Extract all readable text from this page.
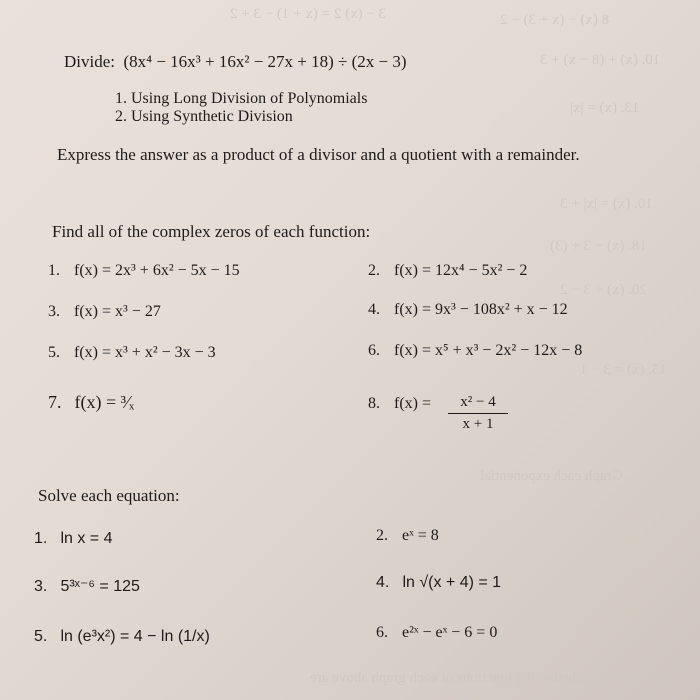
3 − (x) 2 = (x + 1) − 3 + 2	8 (x) − (x + 3) − 2
10. (x) + (8 − x) + 3
13. (x) = |x|
10. (x) = |x| + 3
18. (x) − 3 + (3)
20. (x) + 3 − 2
15. (x) = 3 − 1
Graph each exponential
Determine whether the functions of each graph above are
Divide: (8x⁴ − 16x³ + 16x² − 27x + 18) ÷ (2x − 3)
1. Using Long Division of Polynomials
2. Using Synthetic Division
Express the answer as a product of a divisor and a quotient with a remainder.
Find all of the complex zeros of each function:
1. f(x) = 2x³ + 6x² − 5x − 15	2. f(x) = 12x⁴ − 5x² − 2
3. f(x) = x³ − 27	4. f(x) = 9x³ − 108x² + x − 12
5. f(x) = x³ + x² − 3x − 3	6. f(x) = x⁵ + x³ − 2x² − 12x − 8
7. f(x) = ³⁄ₓ	8. f(x) =	x² − 4
x + 1
Solve each equation:
1. ln x = 4	2. eˣ = 8
3. 5³ˣ⁻⁶ = 125	4. ln √(x + 4) = 1
5. ln (e³x²) = 4 − ln (1/x)	6. e²ˣ − eˣ − 6 = 0
